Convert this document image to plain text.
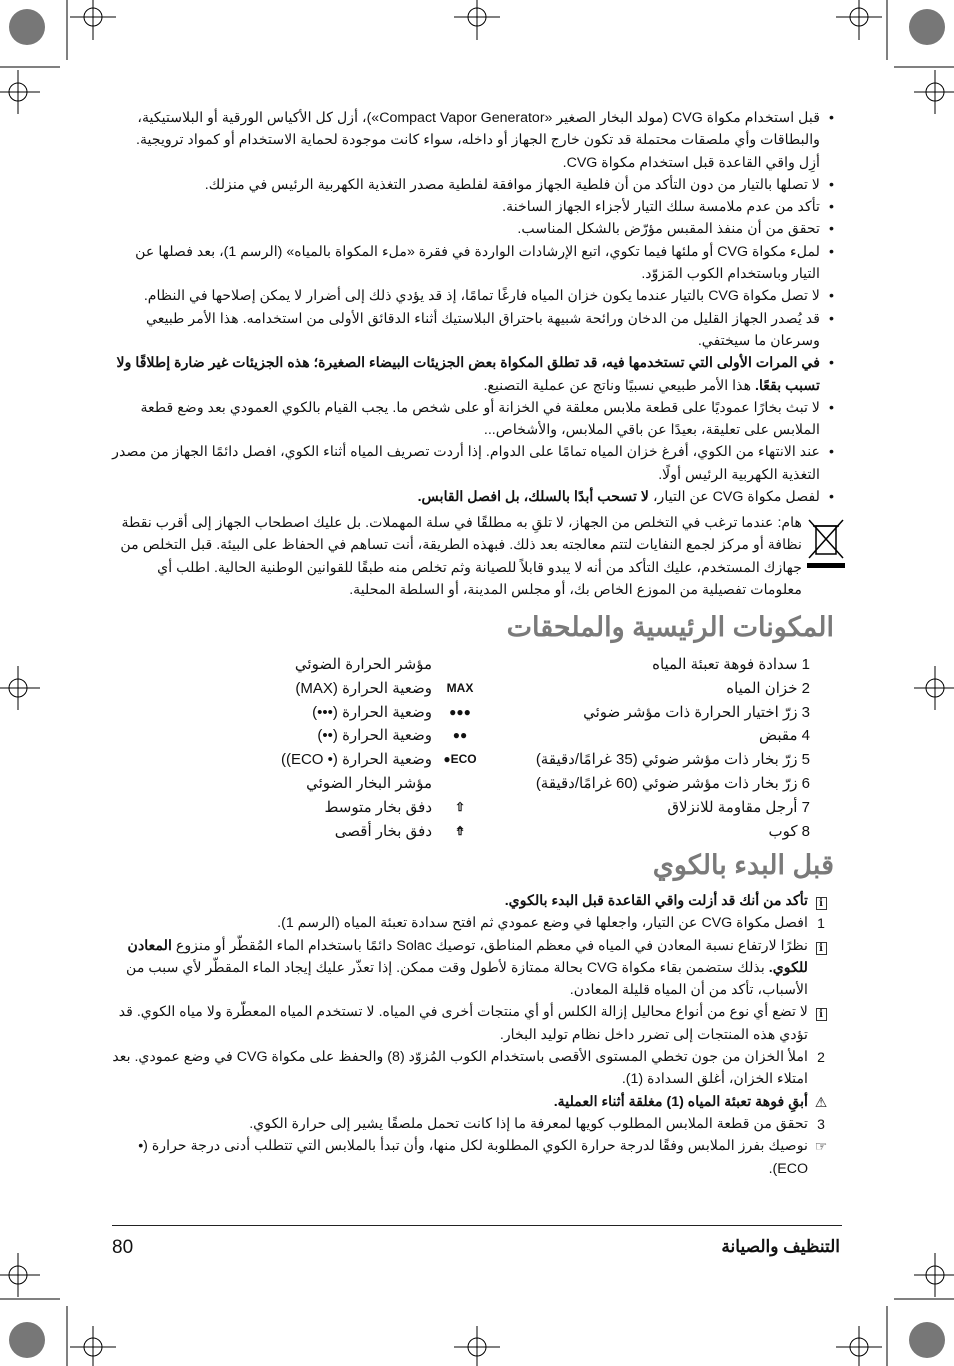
• قبل استخدام مكواة CVG (مولد البخار الصغير «Compact Vapor Generator»)، أزل كل الأكياس الورقية أو البلاستيكية، والبطاقات وأي ملصقات محتملة قد تكون خارج الجهاز أو داخله، سواء كانت موجودة لحماية الاستخدام أو كمواد ترويجية. أزِل واقي القاعدة قبل استخدام مكواة CVG.
• لا تصلها بالتيار من دون التأكد من أن فلطية الجهاز موافقة لفلطية مصدر التغذية الكهربية الرئيس في منزلك.
• تأكد من عدم ملامسة سلك التيار لأجزاء الجهاز الساخنة.
• تحقق من أن منفذ المقبس مؤرّض بالشكل المناسب.
• لملء مكواة CVG أو ملئها فيما تكوي، اتبع الإرشادات الواردة في فقرة «ملء المكواة بالمياه» (الرسم 1)، بعد فصلها عن التيار وباستخدام الكوب المَزوّد.
• لا تصل مكواة CVG بالتيار عندما يكون خزان المياه فارغًا تمامًا، إذ قد يؤدي ذلك إلى أضرار لا يمكن إصلاحها في النظام.
• قد يُصدر الجهاز القليل من الدخان ورائحة شبيهة باحتراق البلاستيك أثناء الدقائق الأولى من استخدامه. هذا الأمر طبيعي وسرعان ما سيختفي.
• في المرات الأولى التي تستخدمها فيه، قد تطلق المكواة بعض الجزيئات البيضاء الصغيرة؛ هذه الجزيئات غير ضارة إطلاقًا ولا تسبب بقعًا. هذا الأمر طبيعي نسبيًا وناتج عن عملية التصنيع.
• لا تبث بخارًا عموديًا على قطعة ملابس معلقة في الخزانة أو على شخص ما. يجب القيام بالكوي العمودي بعد وضع قطعة الملابس على تعليقة، بعيدًا عن باقي الملابس، والأشخاص...
• عند الانتهاء من الكوي، أفرغ خزان المياه تمامًا على الدوام. إذا أردت تصريف المياه أثناء الكوي، افصل دائمًا الجهاز من مصدر التغذية الكهربية الرئيس أولًا.
• لفصل مكواة CVG عن التيار، لا تسحب أبدًا بالسلك، بل افصل القابس.

هام: عندما ترغب في التخلص من الجهاز، لا تلقِ به مطلقًا في سلة المهملات. بل عليك اصطحاب الجهاز إلى أقرب نقطة نظافة أو مركز لجمع النفايات لتتم معالجته بعد ذلك. فبهذه الطريقة، أنت تساهم في الحفاظ على البيئة. قبل التخلص من جهازك المستخدم، عليك التأكد من أنه لا يبدو قابلاً للصيانة وثم تخلص منه طبقًا للقوانين الوطنية الحالية. اطلب أي معلومات تفصيلية من الموزع الخاص بك، أو مجلس المدينة، أو السلطة المحلية.

المكونات الرئيسية والملحقات
1 سدادة فوهة تعبئة المياه
2 خزان المياه
3 زرّ اختيار الحرارة ذات مؤشر ضوئي
4 مقبض
5 زرّ بخار ذات مؤشر ضوئي (35 غرامًا/دقيقة)
6 زرّ بخار ذات مؤشر ضوئي (60 غرامًا/دقيقة)
7 أرجل مقاومة للانزلاق
8 كوب
مؤشر الحرارة الضوئي
وضعية الحرارة (MAX)	MAX
وضعية الحرارة (•••)	●●●
وضعية الحرارة (••)	●●
وضعية الحرارة (• ECO)) ●ECO
مؤشر البخار الضوئي
دفق بخار متوسط	⇧
دفق بخار أقصى	⇮
قبل البدء بالكوي
i
تأكد من أنك قد أزلت واقي القاعدة قبل البدء بالكوي.
1
افصل مكواة CVG عن التيار، واجعلها في وضع عمودي ثم افتح سدادة تعبئة المياه (الرسم 1).
i
نظرًا لارتفاع نسبة المعادن في المياه في معظم المناطق، توصيك Solac دائمًا باستخدام الماء المُقطّر أو منزوع المعادن للكوي. بذلك ستضمن بقاء مكواة CVG بحالة ممتازة لأطول وقت ممكن. إذا تعذّر عليك إيجاد الماء المقطّر لأي سبب من الأسباب، تأكد من أن المياه قليلة المعادن.
i
لا تضع أي نوع من أنواع محاليل إزالة الكلس أو أي منتجات أخرى في المياه. لا تستخدم المياه المعطّرة ولا مياه الكوي. قد تؤدي هذه المنتجات إلى تضرر داخل نظام توليد البخار.
2
املأ الخزان من جون تخطي المستوى الأقصى باستخدام الكوب المُزوّد (8) والحفظ على مكواة CVG في وضع عمودي. بعد امتلاء الخزان، أغلق السدادة (1).
⚠
أبقِ فوهة تعبئة المياه (1) مغلقة أثناء العملية.
3
تحقق من قطعة الملابس المطلوب كويها لمعرفة ما إذا كانت تحمل ملصقًا يشير إلى حرارة الكوي.
☞
نوصيك بفرز الملابس وفقًا لدرجة حرارة الكوي المطلوبة لكل منها، وأن تبدأ بالملابس التي تتطلب أدنى درجة حرارة (• ECO).
80	التنظيف والصيانة
